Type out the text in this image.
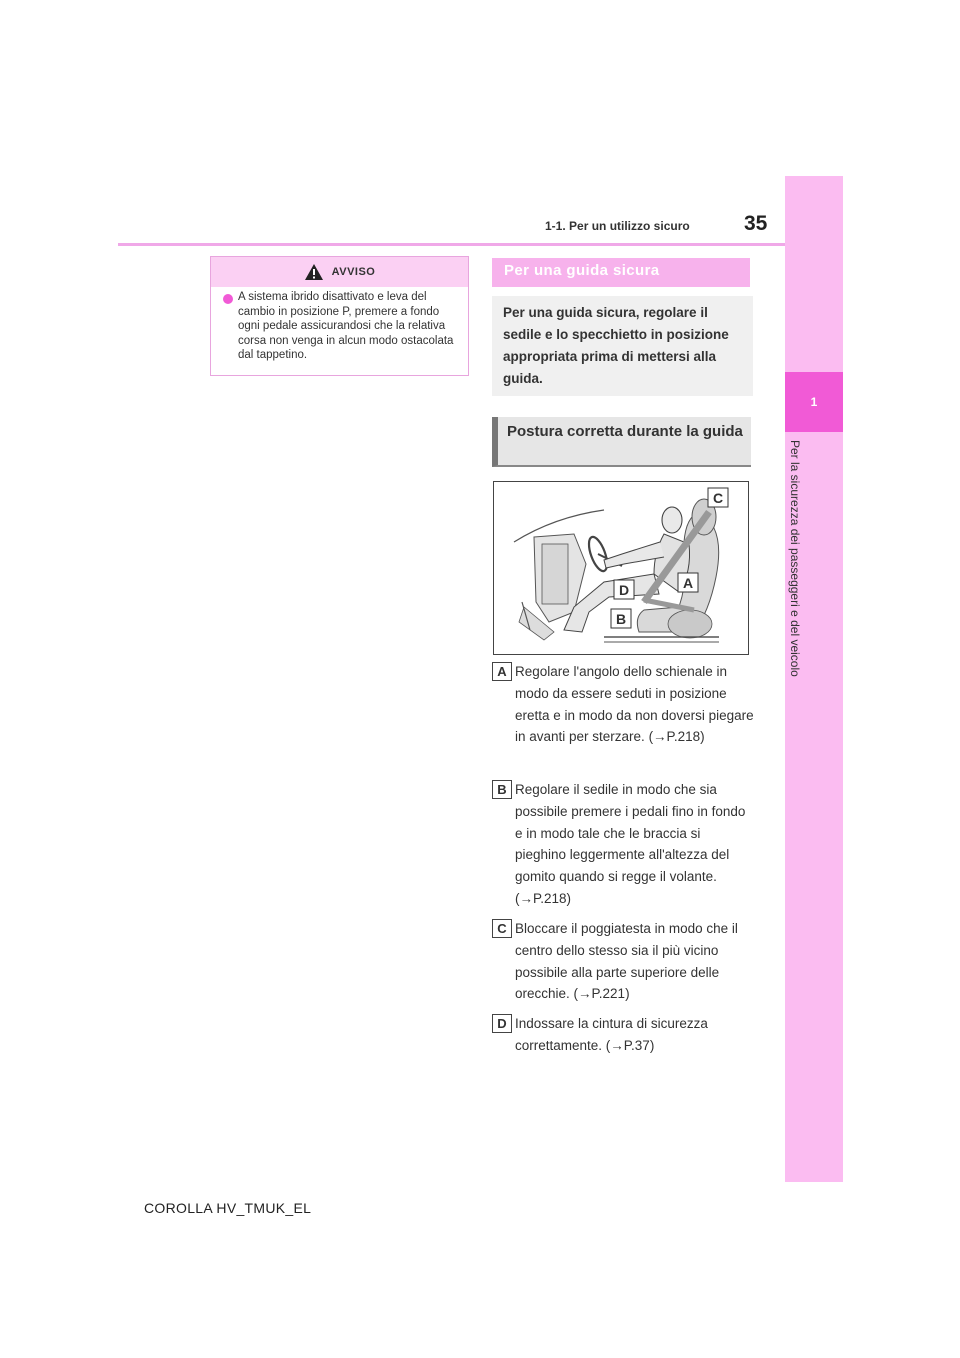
1-1. Per un utilizzo sicuro	35
1
Per la sicurezza dei passeggeri e del veicolo
AVVISO
A sistema ibrido disattivato e leva del cambio in posizione P, premere a fondo ogni pedale assicurandosi che la relativa corsa non venga in alcun modo ostacolata dal tappetino.
Per una guida sicura

Per una guida sicura, regolare il sedile e lo specchietto in posizione appropriata prima di mettersi alla guida.

Postura corretta durante la guida

C
A
D
B
A Regolare l'angolo dello schienale in modo da essere seduti in posizione eretta e in modo da non doversi piegare in avanti per sterzare. (→P.218)
B Regolare il sedile in modo che sia possibile premere i pedali fino in fondo e in modo tale che le braccia si pieghino leggermente all'altezza del gomito quando si regge il volante. (→P.218)
C Bloccare il poggiatesta in modo che il centro dello stesso sia il più vicino possibile alla parte superiore delle orecchie. (→P.221)
D Indossare la cintura di sicurezza correttamente. (→P.37)
COROLLA HV_TMUK_EL
